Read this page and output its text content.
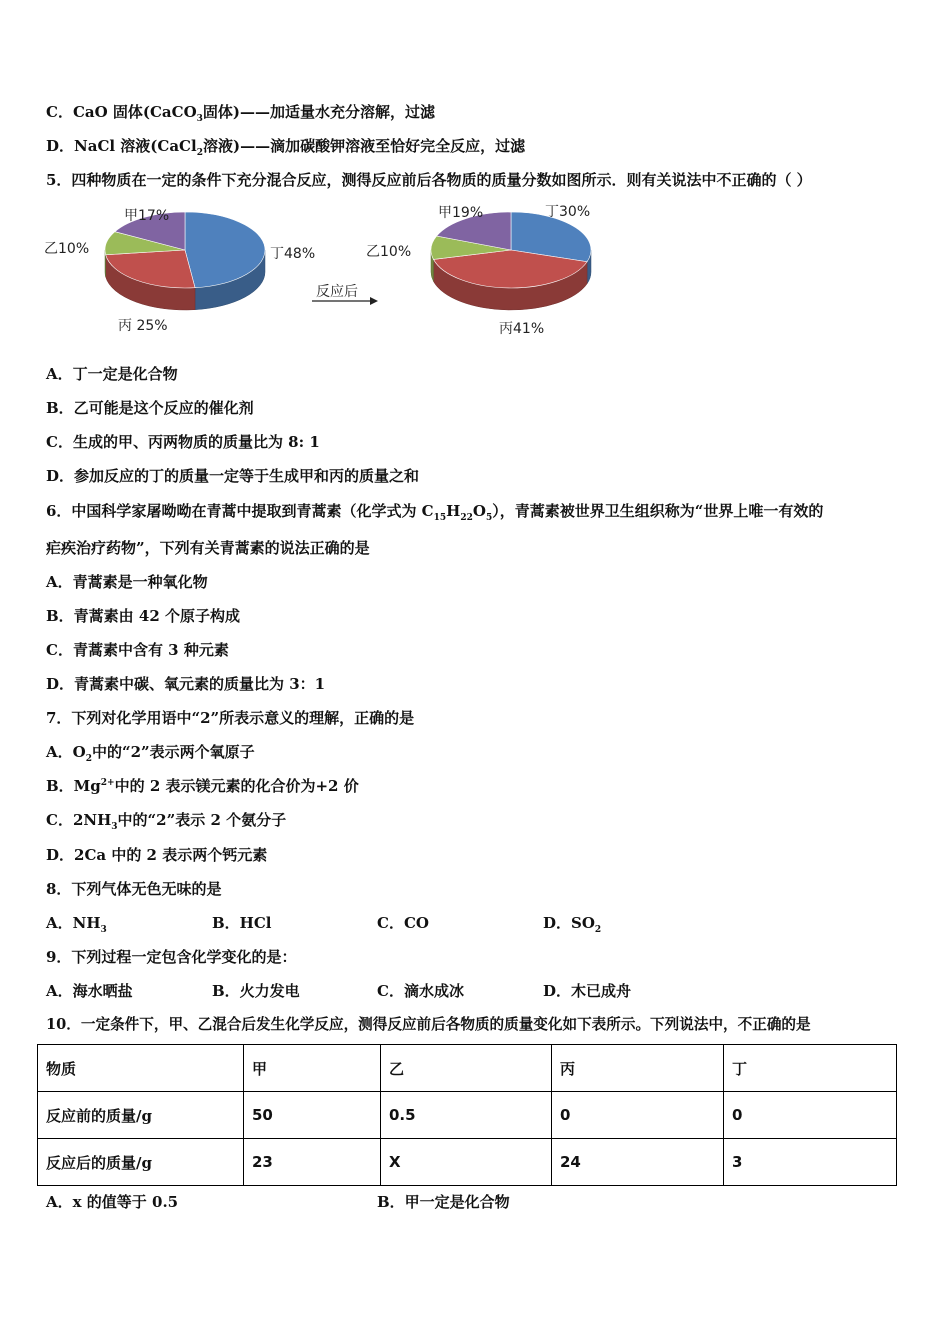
C．CaO 固体(CaCO$_3$固体)——加适量水充分溶解，过滤
D．NaCl 溶液(CaCl$_2$溶液)——滴加碳酸钾溶液至恰好完全反应，过滤
5．四种物质在一定的条件下充分混合反应，测得反应前后各物质的质量分数如图所示．则有关说法中不正确的（ ）
丁48%
丙 25%
乙10%
甲17%	丁30%
丙41%
乙10%
甲19%
反应后
A．丁一定是化合物
B．乙可能是这个反应的催化剂
C．生成的甲、丙两物质的质量比为 8: 1
D．参加反应的丁的质量一定等于生成甲和丙的质量之和
6．中国科学家屠呦呦在青蒿中提取到青蒿素（化学式为 $C_{15}H_{22}O_5$），青蒿素被世界卫生组织称为“世界上唯一有效的
疟疾治疗药物”，下列有关青蒿素的说法正确的是
A．青蒿素是一种氧化物
B．青蒿素由 42 个原子构成
C．青蒿素中含有 3 种元素
D．青蒿素中碳、氧元素的质量比为 3：1
7．下列对化学用语中“2”所表示意义的理解，正确的是
A．$O_2$中的“2”表示两个氧原子
B．$Mg^{2+}$中的 2 表示镁元素的化合价为+2 价
C．$2NH_3$中的“2”表示 2 个氨分子
D．2Ca 中的 2 表示两个钙元素
8．下列气体无色无味的是
A．$NH_3$	B．HCl	C．CO	D．$SO_2$
9．下列过程一定包含化学变化的是：
A．海水晒盐	B．火力发电	C．滴水成冰	D．木已成舟
10．一定条件下，甲、乙混合后发生化学反应，测得反应前后各物质的质量变化如下表所示。下列说法中，不正确的是
物质	甲	乙	丙	丁
反应前的质量/g	50	0.5	0	0
反应后的质量/g	23	X	24	3
A．x 的值等于 0.5	B．甲一定是化合物
